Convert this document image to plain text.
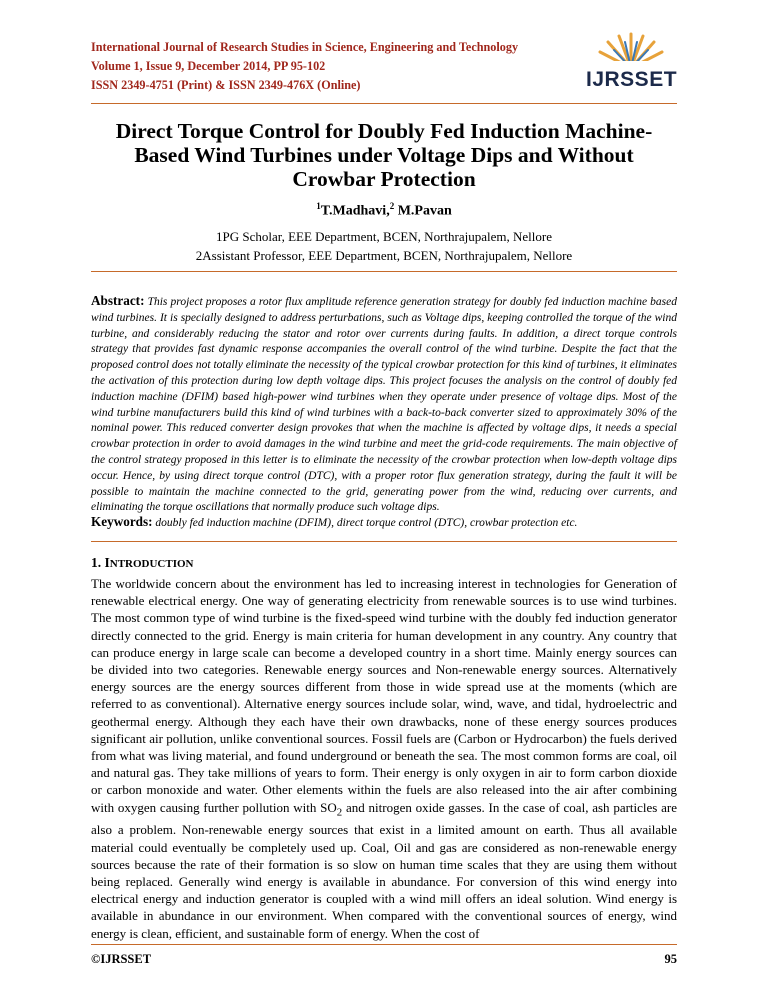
International Journal of Research Studies in Science, Engineering and Technology
Volume 1, Issue 9, December 2014, PP 95-102
ISSN 2349-4751 (Print) & ISSN 2349-476X (Online)	IJRSSET
Direct Torque Control for Doubly Fed Induction Machine-Based Wind Turbines under Voltage Dips and Without Crowbar Protection
$^1$T.Madhavi,$^2$ M.Pavan
1PG Scholar, EEE Department, BCEN, Northrajupalem, Nellore
2Assistant Professor, EEE Department, BCEN, Northrajupalem, Nellore
Abstract: This project proposes a rotor flux amplitude reference generation strategy for doubly fed induction machine based wind turbines. It is specially designed to address perturbations, such as Voltage dips, keeping controlled the torque of the wind turbine, and considerably reducing the stator and rotor over currents during faults. In addition, a direct torque controls strategy that provides fast dynamic response accompanies the overall control of the wind turbine. Despite the fact that the proposed control does not totally eliminate the necessity of the typical crowbar protection for this kind of turbines, it eliminates the activation of this protection during low depth voltage dips. This project focuses the analysis on the control of doubly fed induction machine (DFIM) based high-power wind turbines when they operate under presence of voltage dips. Most of the wind turbine manufacturers build this kind of wind turbines with a back-to-back converter sized to approximately 30% of the nominal power. This reduced converter design provokes that when the machine is affected by voltage dips, it needs a special crowbar protection in order to avoid damages in the wind turbine and meet the grid-code requirements. The main objective of the control strategy proposed in this letter is to eliminate the necessity of the crowbar protection when low-depth voltage dips occur. Hence, by using direct torque control (DTC), with a proper rotor flux generation strategy, during the fault it will be possible to maintain the machine connected to the grid, generating power from the wind, reducing over currents, and eliminating the torque oscillations that normally produce such voltage dips.
Keywords: doubly fed induction machine (DFIM), direct torque control (DTC), crowbar protection etc.
1. INTRODUCTION
The worldwide concern about the environment has led to increasing interest in technologies for Generation of renewable electrical energy. One way of generating electricity from renewable sources is to use wind turbines. The most common type of wind turbine is the fixed-speed wind turbine with the doubly fed induction generator directly connected to the grid. Energy is main criteria for human development in any country. Any country that can produce energy in large scale can become a developed country in a short time. Mainly energy sources can be divided into two categories. Renewable energy sources and Non-renewable energy sources. Alternatively energy sources are the energy sources different from those in wide spread use at the moments (which are referred to as conventional). Alternative energy sources include solar, wind, wave, and tidal, hydroelectric and geothermal energy. Although they each have their own drawbacks, none of these energy sources produces significant air pollution, unlike conventional sources. Fossil fuels are (Carbon or Hydrocarbon) the fuels derived from what was living material, and found underground or beneath the sea. The most common forms are coal, oil and natural gas. They take millions of years to form. Their energy is only oxygen in air to form carbon dioxide or carbon monoxide and water. Other elements within the fuels are also released into the air after combining with oxygen causing further pollution with $SO_2$ and nitrogen oxide gasses. In the case of coal, ash particles are also a problem. Non-renewable energy sources that exist in a limited amount on earth. Thus all available material could eventually be completely used up. Coal, Oil and gas are considered as non-renewable energy sources because the rate of their formation is so slow on human time scales that they are using them without being replaced. Generally wind energy is available in abundance. For conversion of this wind energy into electrical energy and induction generator is coupled with a wind mill offers an ideal solution. Wind energy is available in abundance in our environment. When compared with the conventional sources of energy, wind energy is clean, efficient, and sustainable form of energy. When the cost of
©IJRSSET	95
